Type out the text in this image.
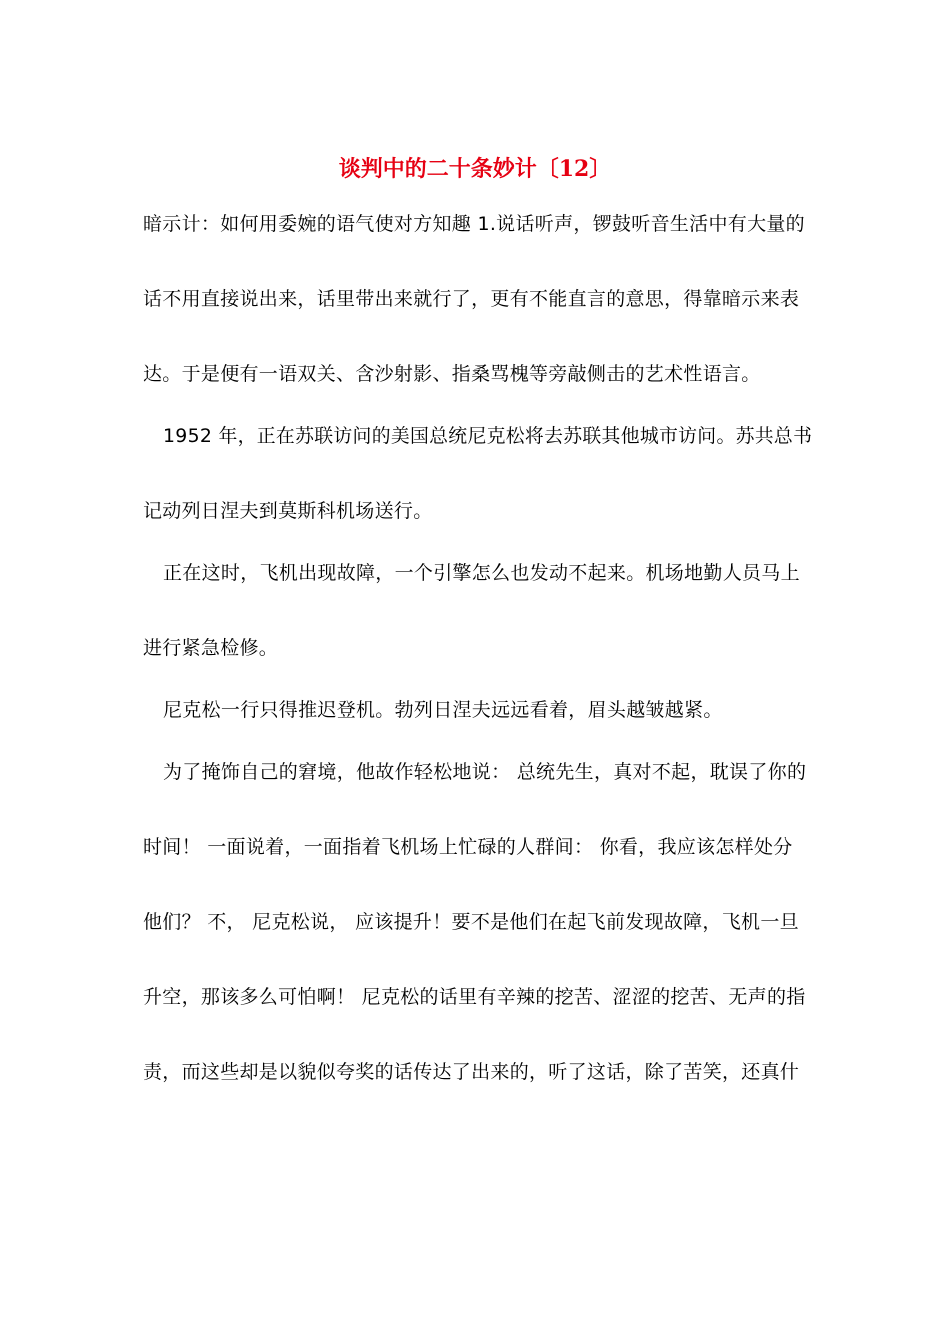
谈判中的二十条妙计〔12〕
暗示计：如何用委婉的语气使对方知趣 1.说话听声，锣鼓听音生活中有大量的
话不用直接说出来，话里带出来就行了，更有不能直言的意思，得靠暗示来表
达。于是便有一语双关、含沙射影、指桑骂槐等旁敲侧击的艺术性语言。
1952 年，正在苏联访问的美国总统尼克松将去苏联其他城市访问。苏共总书
记动列日涅夫到莫斯科机场送行。
正在这时，飞机出现故障，一个引擎怎么也发动不起来。机场地勤人员马上
进行紧急检修。
尼克松一行只得推迟登机。勃列日涅夫远远看着，眉头越皱越紧。
为了掩饰自己的窘境，他故作轻松地说： 总统先生，真对不起，耽误了你的
时间！ 一面说着，一面指着飞机场上忙碌的人群间： 你看，我应该怎样处分
他们？ 不， 尼克松说， 应该提升！要不是他们在起飞前发现故障，飞机一旦
升空，那该多么可怕啊！ 尼克松的话里有辛辣的挖苦、涩涩的挖苦、无声的指
责，而这些却是以貌似夸奖的话传达了出来的，听了这话，除了苦笑，还真什
